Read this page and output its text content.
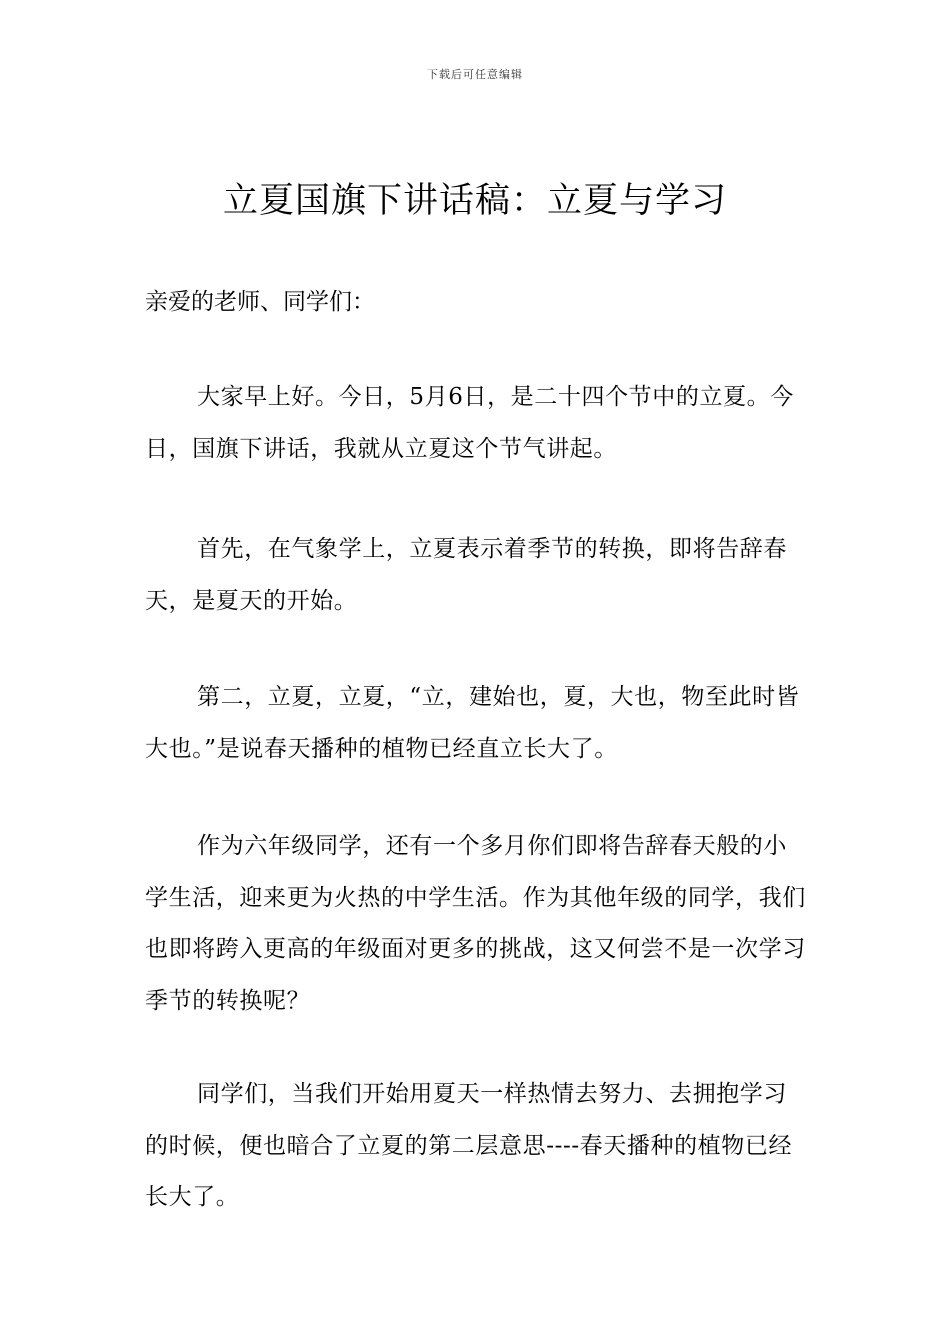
下载后可任意编辑
立夏国旗下讲话稿：立夏与学习

亲爱的老师、同学们：

大家早上好。今日，5月6日，是二十四个节中的立夏。今日，国旗下讲话，我就从立夏这个节气讲起。

首先，在气象学上，立夏表示着季节的转换，即将告辞春天，是夏天的开始。

第二，立夏，立夏，“立，建始也，夏，大也，物至此时皆大也。”是说春天播种的植物已经直立长大了。

作为六年级同学，还有一个多月你们即将告辞春天般的小学生活，迎来更为火热的中学生活。作为其他年级的同学，我们也即将跨入更高的年级面对更多的挑战，这又何尝不是一次学习季节的转换呢？

同学们，当我们开始用夏天一样热情去努力、去拥抱学习的时候，便也暗合了立夏的第二层意思----春天播种的植物已经长大了。
